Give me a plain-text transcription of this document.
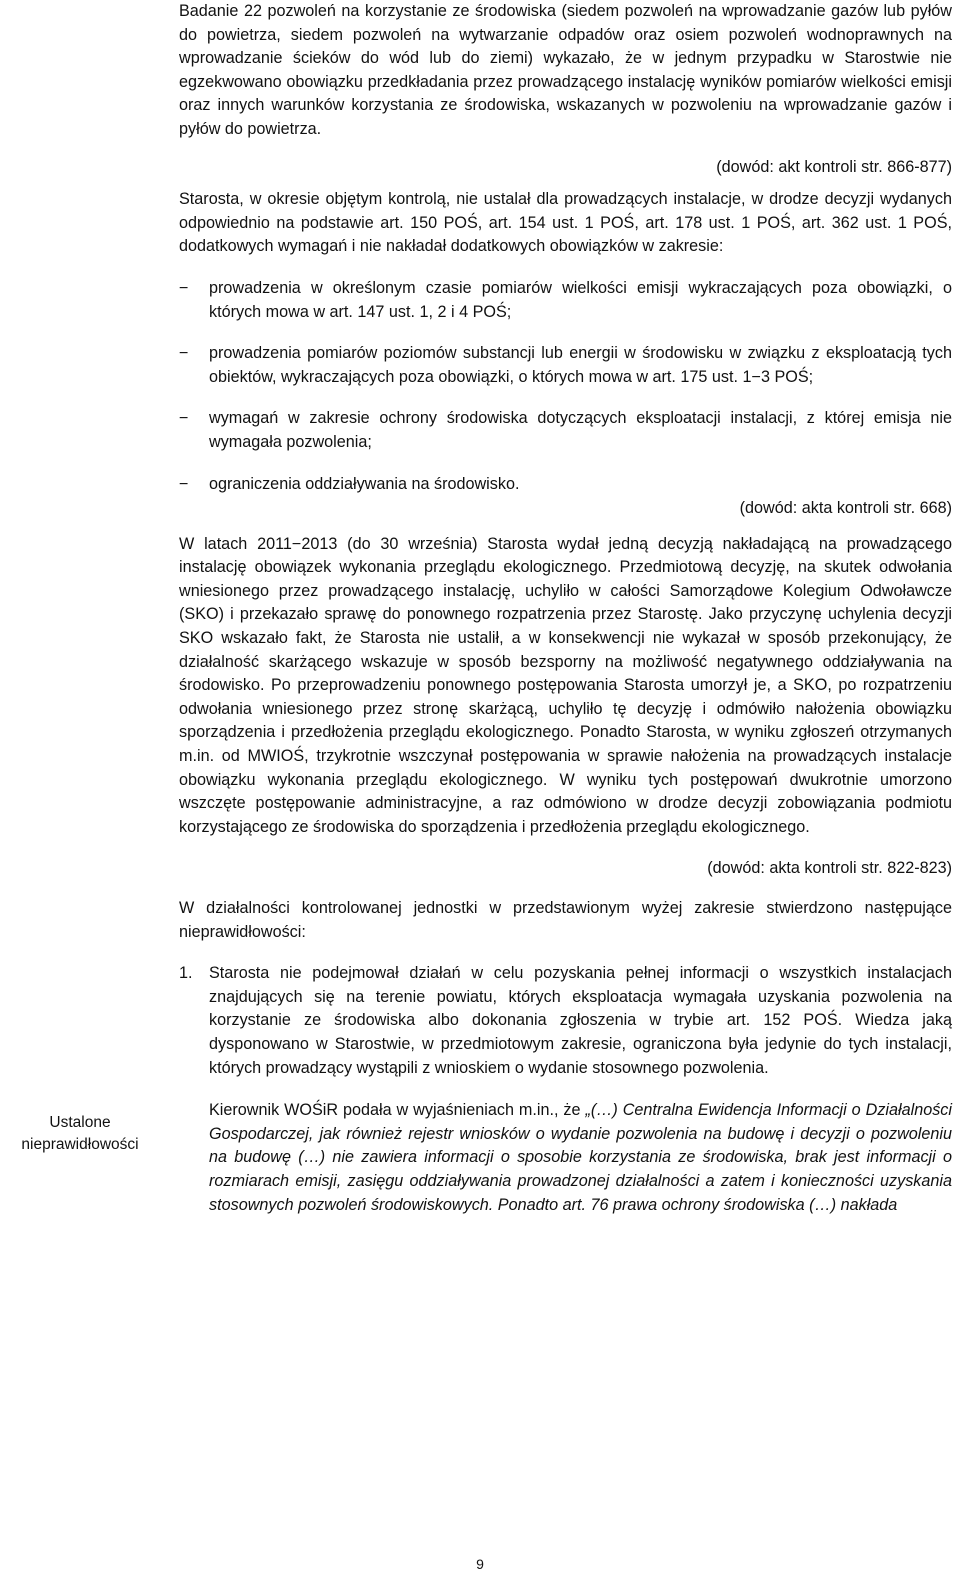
Ustalone
nieprawidłowości

Badanie 22 pozwoleń na korzystanie ze środowiska (siedem pozwoleń na wprowadzanie gazów lub pyłów do powietrza, siedem pozwoleń na wytwarzanie odpadów oraz osiem pozwoleń wodnoprawnych na wprowadzanie ścieków do wód lub do ziemi) wykazało, że w jednym przypadku w Starostwie nie egzekwowano obowiązku przedkładania przez prowadzącego instalację wyników pomiarów wielkości emisji oraz innych warunków korzystania ze środowiska, wskazanych w pozwoleniu na wprowadzanie gazów i pyłów do powietrza.

(dowód: akt kontroli str. 866-877)

Starosta, w okresie objętym kontrolą, nie ustalał dla prowadzących instalacje, w drodze decyzji wydanych odpowiednio na podstawie art. 150 POŚ, art. 154 ust. 1 POŚ, art. 178 ust. 1 POŚ, art. 362 ust. 1 POŚ, dodatkowych wymagań i nie nakładał dodatkowych obowiązków w zakresie:

− prowadzenia w określonym czasie pomiarów wielkości emisji wykraczających poza obowiązki, o których mowa w art. 147 ust. 1, 2 i 4 POŚ;
− prowadzenia pomiarów poziomów substancji lub energii w środowisku w związku z eksploatacją tych obiektów, wykraczających poza obowiązki, o których mowa w art. 175 ust. 1−3 POŚ;
− wymagań w zakresie ochrony środowiska dotyczących eksploatacji instalacji, z której emisja nie wymagała pozwolenia;
− ograniczenia oddziaływania na środowisko.

(dowód: akta kontroli str. 668)

W latach 2011−2013 (do 30 września) Starosta wydał jedną decyzją nakładającą na prowadzącego instalację obowiązek wykonania przeglądu ekologicznego. Przedmiotową decyzję, na skutek odwołania wniesionego przez prowadzącego instalację, uchyliło w całości Samorządowe Kolegium Odwoławcze (SKO) i przekazało sprawę do ponownego rozpatrzenia przez Starostę. Jako przyczynę uchylenia decyzji SKO wskazało fakt, że Starosta nie ustalił, a w konsekwencji nie wykazał w sposób przekonujący, że działalność skarżącego wskazuje w sposób bezsporny na możliwość negatywnego oddziaływania na środowisko. Po przeprowadzeniu ponownego postępowania Starosta umorzył je, a SKO, po rozpatrzeniu odwołania wniesionego przez stronę skarżącą, uchyliło tę decyzję i odmówiło nałożenia obowiązku sporządzenia i przedłożenia przeglądu ekologicznego. Ponadto Starosta, w wyniku zgłoszeń otrzymanych m.in. od MWIOŚ, trzykrotnie wszczynał postępowania w sprawie nałożenia na prowadzących instalacje obowiązku wykonania przeglądu ekologicznego. W wyniku tych postępowań dwukrotnie umorzono wszczęte postępowanie administracyjne, a raz odmówiono w drodze decyzji zobowiązania podmiotu korzystającego ze środowiska do sporządzenia i przedłożenia przeglądu ekologicznego.

(dowód: akta kontroli str. 822-823)

W działalności kontrolowanej jednostki w przedstawionym wyżej zakresie stwierdzono następujące nieprawidłowości:

1. Starosta nie podejmował działań w celu pozyskania pełnej informacji o wszystkich instalacjach znajdujących się na terenie powiatu, których eksploatacja wymagała uzyskania pozwolenia na korzystanie ze środowiska albo dokonania zgłoszenia w trybie art. 152 POŚ. Wiedza jaką dysponowano w Starostwie, w przedmiotowym zakresie, ograniczona była jedynie do tych instalacji, których prowadzący wystąpili z wnioskiem o wydanie stosownego pozwolenia.

Kierownik WOŚiR podała w wyjaśnieniach m.in., że „(…) Centralna Ewidencja Informacji o Działalności Gospodarczej, jak również rejestr wniosków o wydanie pozwolenia na budowę i decyzji o pozwoleniu na budowę (…) nie zawiera informacji o sposobie korzystania ze środowiska, brak jest informacji o rozmiarach emisji, zasięgu oddziaływania prowadzonej działalności a zatem i konieczności uzyskania stosownych pozwoleń środowiskowych. Ponadto art. 76 prawa ochrony środowiska (…) nakłada

9
